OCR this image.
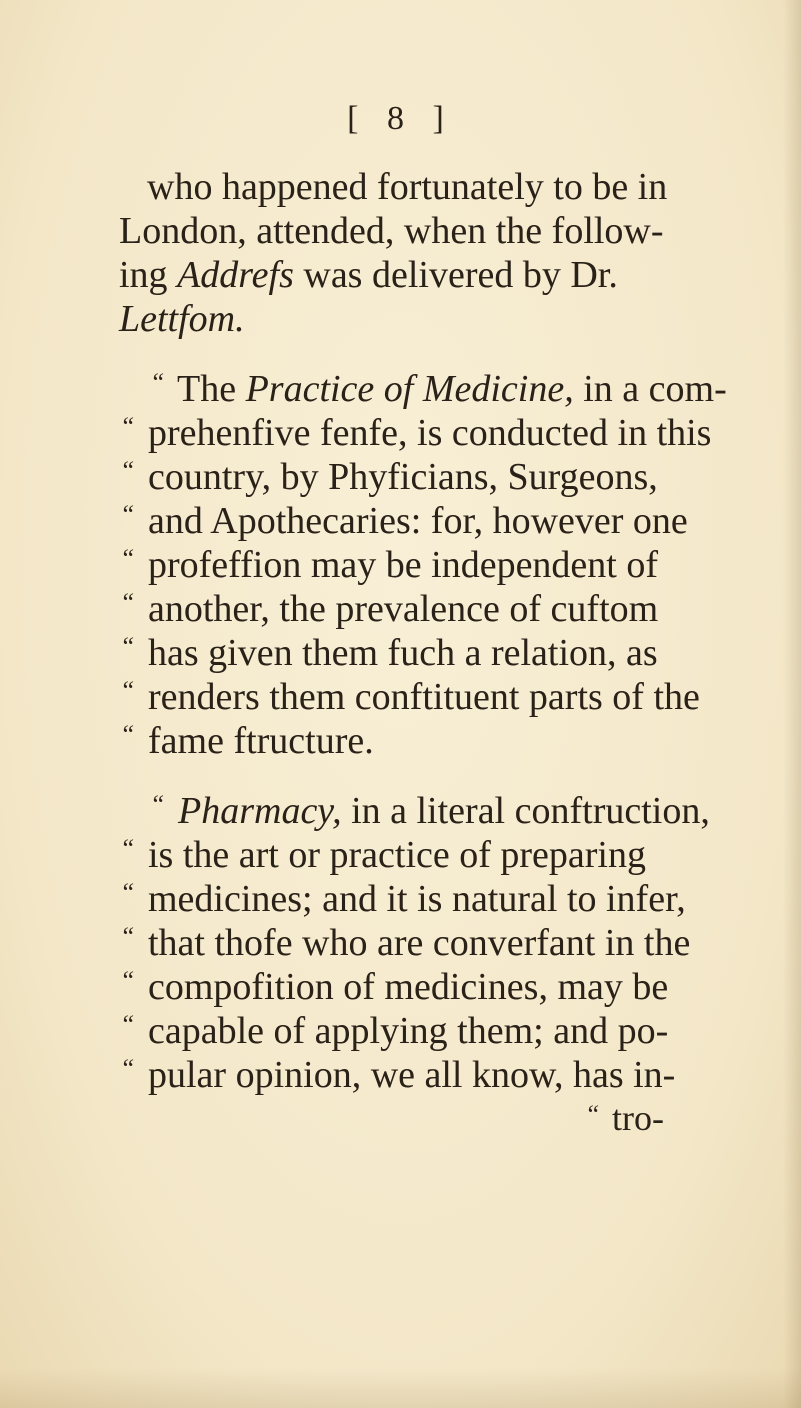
[ 8 ]
who happened fortunately to be in
London, attended, when the follow-
ing Addrefs was delivered by Dr.
Lettfom.
“ The Practice of Medicine, in a com-
“ prehenfive fenfe, is conducted in this
“ country, by Phyficians, Surgeons,
“ and Apothecaries: for, however one
“ profeffion may be independent of
“ another, the prevalence of cuftom
“ has given them fuch a relation, as
“ renders them conftituent parts of the
“ fame ftructure.
“ Pharmacy, in a literal conftruction,
“ is the art or practice of preparing
“ medicines; and it is natural to infer,
“ that thofe who are converfant in the
“ compofition of medicines, may be
“ capable of applying them; and po-
“ pular opinion, we all know, has in-
“ tro-
